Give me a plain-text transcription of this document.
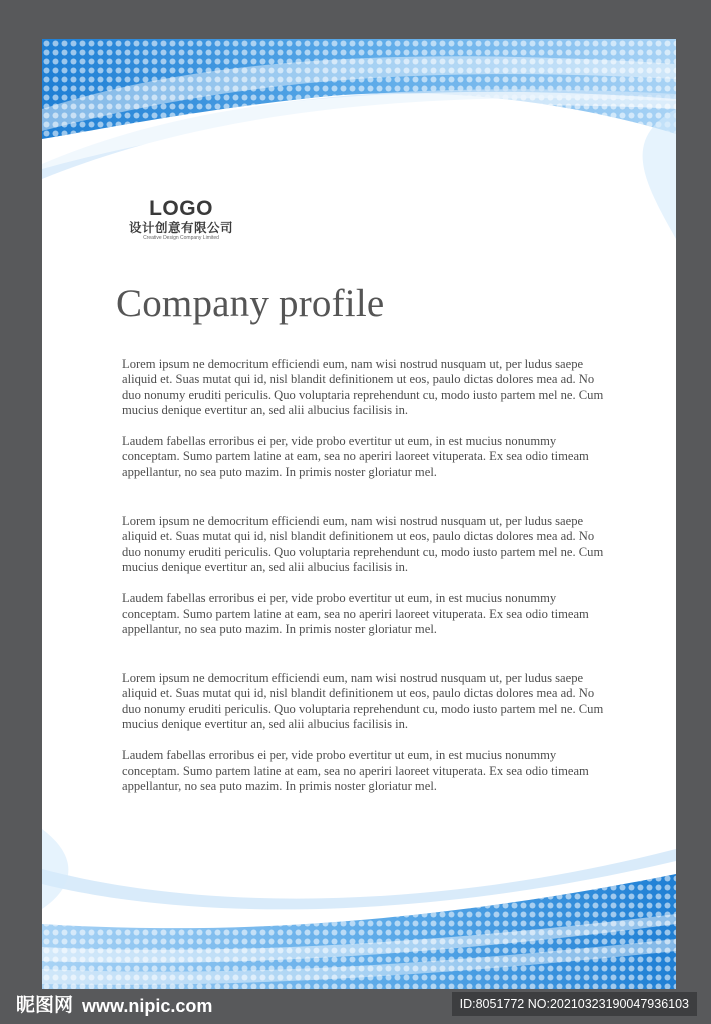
LOGO
设计创意有限公司
Creative Design Company Limited
Company profile

Lorem ipsum ne democritum efficiendi eum, nam wisi nostrud nusquam ut, per ludus saepe aliquid et. Suas mutat qui id, nisl blandit definitionem ut eos, paulo dictas dolores mea ad. No duo nonumy eruditi periculis. Quo voluptaria reprehendunt cu, modo iusto partem mel ne. Cum mucius denique evertitur an, sed alii albucius facilisis in.

Laudem fabellas erroribus ei per, vide probo evertitur ut eum, in est mucius nonummy conceptam. Sumo partem latine at eam, sea no aperiri laoreet vituperata. Ex sea odio timeam appellantur, no sea puto mazim. In primis noster gloriatur mel.

Lorem ipsum ne democritum efficiendi eum, nam wisi nostrud nusquam ut, per ludus saepe aliquid et. Suas mutat qui id, nisl blandit definitionem ut eos, paulo dictas dolores mea ad. No duo nonumy eruditi periculis. Quo voluptaria reprehendunt cu, modo iusto partem mel ne. Cum mucius denique evertitur an, sed alii albucius facilisis in.

Laudem fabellas erroribus ei per, vide probo evertitur ut eum, in est mucius nonummy conceptam. Sumo partem latine at eam, sea no aperiri laoreet vituperata. Ex sea odio timeam appellantur, no sea puto mazim. In primis noster gloriatur mel.

Lorem ipsum ne democritum efficiendi eum, nam wisi nostrud nusquam ut, per ludus saepe aliquid et. Suas mutat qui id, nisl blandit definitionem ut eos, paulo dictas dolores mea ad. No duo nonumy eruditi periculis. Quo voluptaria reprehendunt cu, modo iusto partem mel ne. Cum mucius denique evertitur an, sed alii albucius facilisis in.

Laudem fabellas erroribus ei per, vide probo evertitur ut eum, in est mucius nonummy conceptam. Sumo partem latine at eam, sea no aperiri laoreet vituperata. Ex sea odio timeam appellantur, no sea puto mazim. In primis noster gloriatur mel.

昵图网 www.nipic.com	ID:8051772 NO:20210323190047936103
